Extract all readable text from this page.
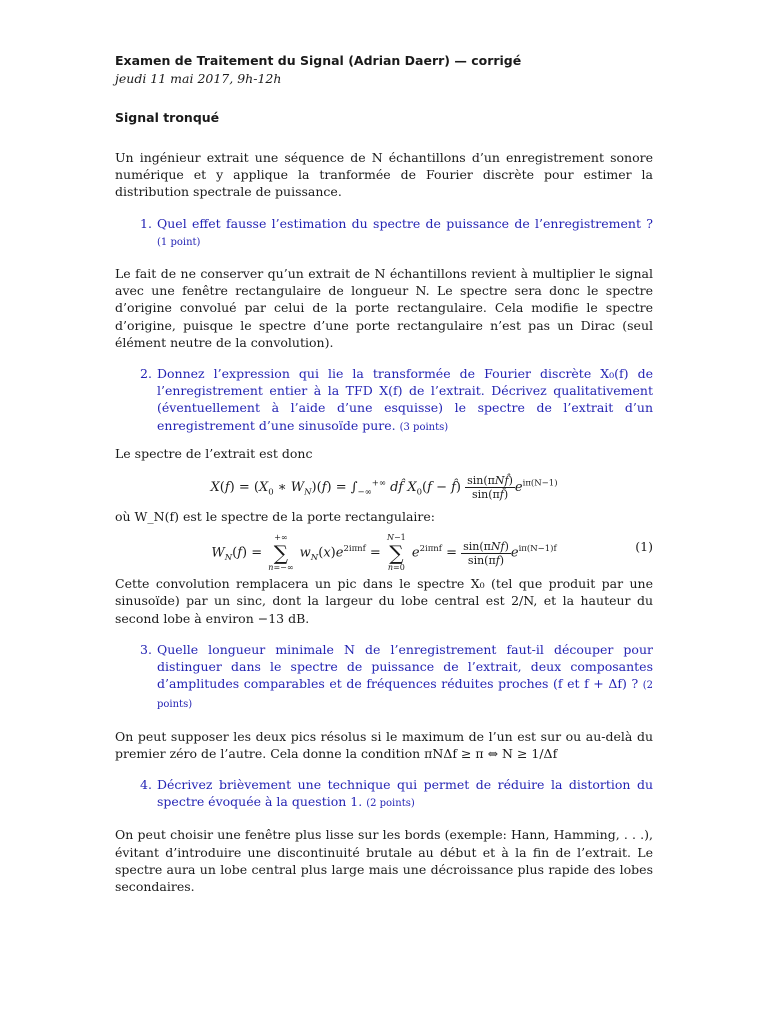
Examen de Traitement du Signal (Adrian Daerr) — corrigé

jeudi 11 mai 2017, 9h-12h

Signal tronqué

Un ingénieur extrait une séquence de N échantillons d’un enregistrement sonore numérique et y applique la tranformée de Fourier discrète pour estimer la distribution spectrale de puissance.

1. Quel effet fausse l’estimation du spectre de puissance de l’enregistrement ? (1 point)

Le fait de ne conserver qu’un extrait de N échantillons revient à multiplier le signal avec une fenêtre rectangulaire de longueur N. Le spectre sera donc le spectre d’origine convolué par celui de la porte rectangulaire. Cela modifie le spectre d’origine, puisque le spectre d’une porte rectangulaire n’est pas un Dirac (seul élément neutre de la convolution).

2. Donnez l’expression qui lie la transformée de Fourier discrète X₀(f) de l’enregistrement entier à la TFD X(f) de l’extrait. Décrivez qualitativement (éventuellement à l’aide d’une esquisse) le spectre de l’extrait d’un enregistrement d’une sinusoïde pure. (3 points)

Le spectre de l’extrait est donc

$X(f) = (X_0$ ∗ $W_N)(f) = \int_{-\infty}^{+\infty}$ df̂ $X_0(f$ − f̂) $\frac{\text{sin(πNf̂)}}{\sin(\pi f̂)} e^{i\pi(N-1)}$

où W_N(f) est le spectre de la porte rectangulaire:

$W_N(f)$ = +∞
∑
n=−∞ $w_N(x)e^{2i\pi nf} = N-1$
∑
n=0 $e^{2i\pi nf} = \frac{\text{sin(πNf)}}{\sin(\pi f)} e^{i\pi(N-1)f}$	(1)

Cette convolution remplacera un pic dans le spectre X₀ (tel que produit par une sinusoïde) par un sinc, dont la largeur du lobe central est 2/N, et la hauteur du second lobe à environ −13 dB.

3. Quelle longueur minimale N de l’enregistrement faut-il découper pour distinguer dans le spectre de puissance de l’extrait, deux composantes d’amplitudes comparables et de fréquences réduites proches (f et f + Δf) ? (2 points)

On peut supposer les deux pics résolus si le maximum de l’un est sur ou au-delà du premier zéro de l’autre. Cela donne la condition πNΔf ≥ π ⇔ N ≥ 1/Δf

4. Décrivez brièvement une technique qui permet de réduire la distortion du spectre évoquée à la question 1. (2 points)

On peut choisir une fenêtre plus lisse sur les bords (exemple: Hann, Hamming, . . .), évitant d’introduire une discontinuité brutale au début et à la fin de l’extrait. Le spectre aura un lobe central plus large mais une décroissance plus rapide des lobes secondaires.
